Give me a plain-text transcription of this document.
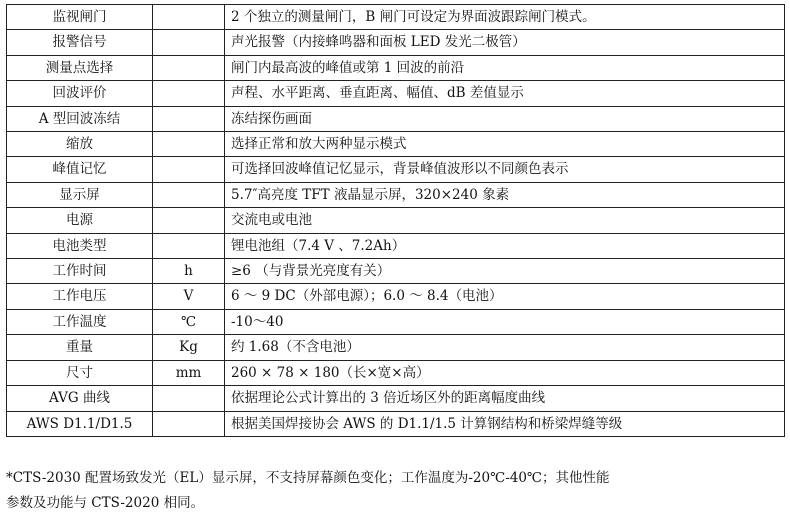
监视闸门		2 个独立的测量闸门，B 闸门可设定为界面波跟踪闸门模式。
报警信号		声光报警（内接蜂鸣器和面板 LED 发光二极管）
测量点选择		闸门内最高波的峰值或第 1 回波的前沿
回波评价		声程、水平距离、垂直距离、幅值、dB 差值显示
A 型回波冻结		冻结探伤画面
缩放		选择正常和放大两种显示模式
峰值记忆		可选择回波峰值记忆显示，背景峰值波形以不同颜色表示
显示屏		5.7″高亮度 TFT 液晶显示屏，320×240 象素
电源		交流电或电池
电池类型		锂电池组（7.4 V 、7.2Ah）
工作时间	h	≥6 （与背景光亮度有关）
工作电压	V	6 ～ 9 DC（外部电源）；6.0 ～ 8.4（电池）
工作温度	℃	-10～40
重量	Kg	约 1.68（不含电池）
尺寸	mm	260 × 78 × 180（长×宽×高）
AVG 曲线		依据理论公式计算出的 3 倍近场区外的距离幅度曲线
AWS D1.1/D1.5		根据美国焊接协会 AWS 的 D1.1/1.5 计算钢结构和桥梁焊缝等级
*CTS-2030 配置场致发光（EL）显示屏，不支持屏幕颜色变化；工作温度为-20℃-40℃；其他性能
参数及功能与 CTS-2020 相同。
